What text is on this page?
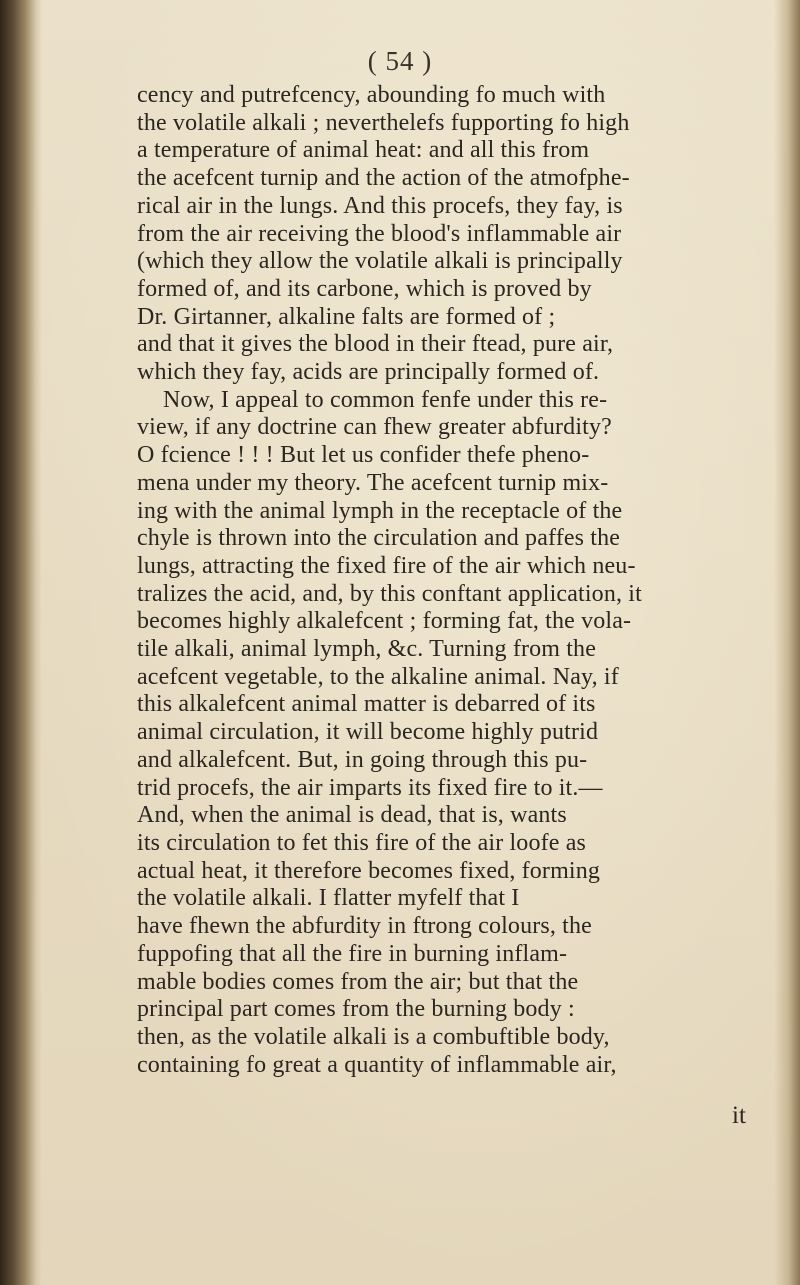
( 54 )
cency and putrefcency, abounding fo much with
the volatile alkali ; neverthelefs fupporting fo high
a temperature of animal heat: and all this from
the acefcent turnip and the action of the atmofphe-
rical air in the lungs. And this procefs, they fay, is
from the air receiving the blood's inflammable air
(which they allow the volatile alkali is principally
formed of, and its carbone, which is proved by
Dr. Girtanner, alkaline falts are formed of ;
and that it gives the blood in their ftead, pure air,
which they fay, acids are principally formed of.
Now, I appeal to common fenfe under this re-
view, if any doctrine can fhew greater abfurdity?
O fcience ! ! ! But let us confider thefe pheno-
mena under my theory. The acefcent turnip mix-
ing with the animal lymph in the receptacle of the
chyle is thrown into the circulation and paffes the
lungs, attracting the fixed fire of the air which neu-
tralizes the acid, and, by this conftant application, it
becomes highly alkalefcent ; forming fat, the vola-
tile alkali, animal lymph, &c. Turning from the
acefcent vegetable, to the alkaline animal. Nay, if
this alkalefcent animal matter is debarred of its
animal circulation, it will become highly putrid
and alkalefcent. But, in going through this pu-
trid procefs, the air imparts its fixed fire to it.—
And, when the animal is dead, that is, wants
its circulation to fet this fire of the air loofe as
actual heat, it therefore becomes fixed, forming
the volatile alkali. I flatter myfelf that I
have fhewn the abfurdity in ftrong colours, the
fuppofing that all the fire in burning inflam-
mable bodies comes from the air; but that the
principal part comes from the burning body :
then, as the volatile alkali is a combuftible body,
containing fo great a quantity of inflammable air,
it
